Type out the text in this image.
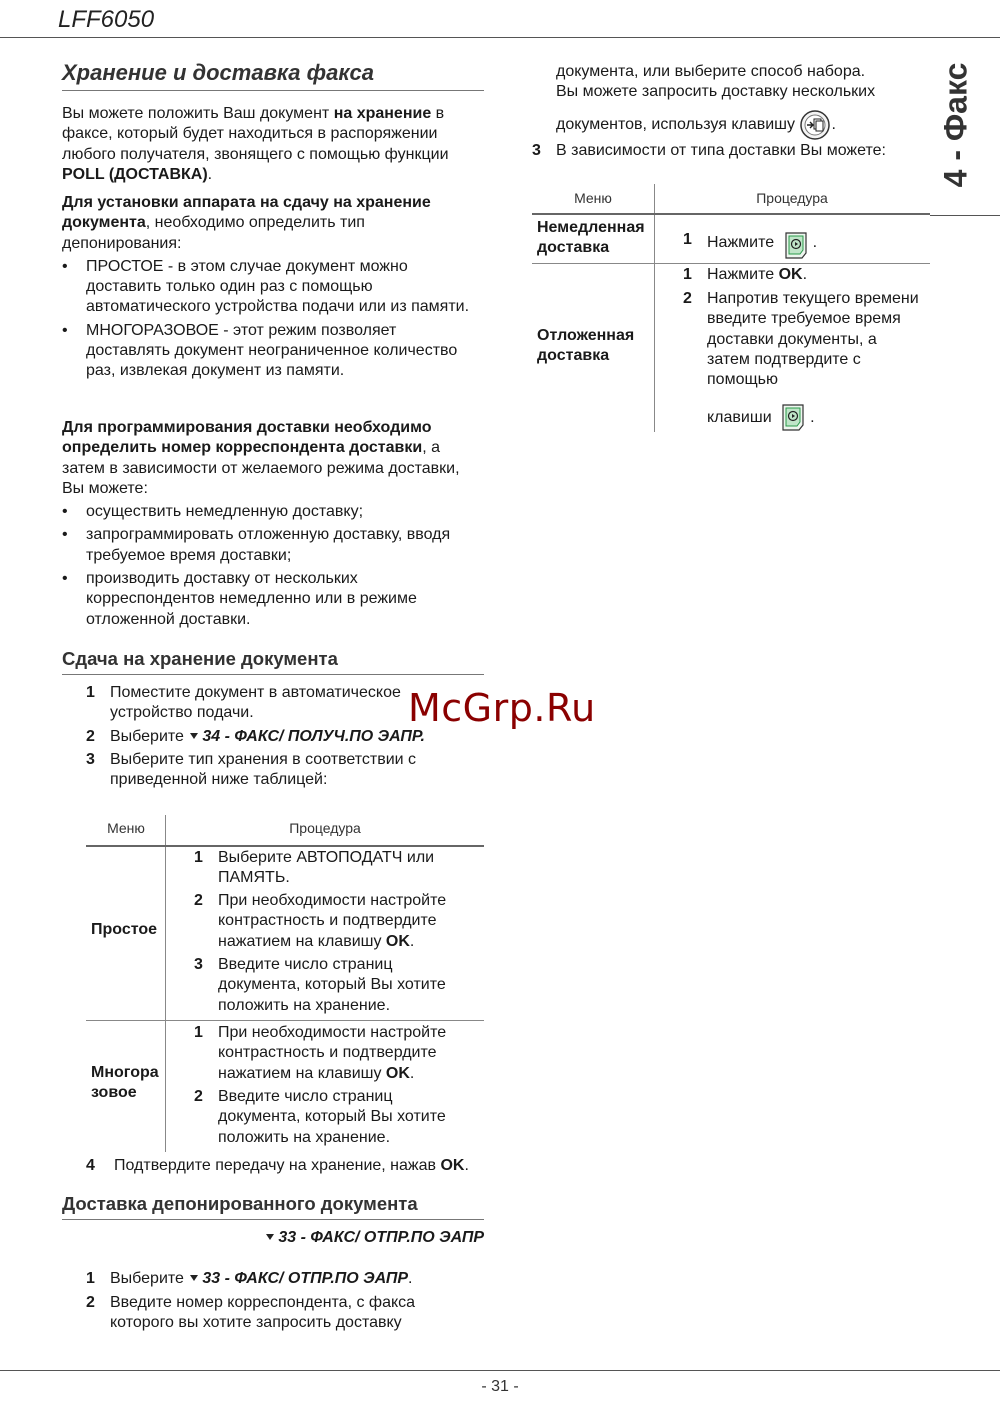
LFF6050
4 - Факс
Хранение и доставка факса
Вы можете положить Ваш документ на хранение в факсе, который будет находиться в распоряжении любого получателя, звонящего с помощью функции POLL (ДОСТАВКА).
Для установки аппарата на сдачу на хранение документа, необходимо определить тип депонирования:
• ПРОСТОЕ - в этом случае документ можно доставить только один раз с помощью автоматического устройства подачи или из памяти.
• МНОГОРАЗОВОЕ - этот режим позволяет доставлять документ неограниченное количество раз, извлекая документ из памяти.
Для программирования доставки необходимо определить номер корреспондента доставки, а затем в зависимости от желаемого режима доставки, Вы можете:
• осуществить немедленную доставку;
• запрограммировать отложенную доставку, вводя требуемое время доставки;
• производить доставку от нескольких корреспондентов немедленно или в режиме отложенной доставки.
Сдача на хранение документа
1 Поместите документ в автоматическое устройство подачи.
2 Выберите 34 - ФАКС/ ПОЛУЧ.ПО ЭАПР.
3 Выберите тип хранения в соответствии с приведенной ниже таблицей:
Меню	Процедура
Простое
1 Выберите АВТОПОДАТЧ или ПАМЯТЬ.
2 При необходимости настройте контрастность и подтвердите нажатием на клавишу OK.
3 Введите число страниц документа, который Вы хотите положить на хранение.
Многоразовое
1 При необходимости настройте контрастность и подтвердите нажатием на клавишу OK.
2 Введите число страниц документа, который Вы хотите положить на хранение.
4 Подтвердите передачу на хранение, нажав OK.
Доставка депонированного документа
33 - ФАКС/ ОТПР.ПО ЭАПР
1 Выберите 33 - ФАКС/ ОТПР.ПО ЭАПР.
2 Введите номер корреспондента, с факса которого вы хотите запросить доставку
документа, или выберите способ набора.
Вы можете запросить доставку нескольких
документов, используя клавишу .
3 В зависимости от типа доставки Вы можете:
Меню	Процедура
Немедленная доставка	1 Нажмите .
Отложенная доставка
1 Нажмите OK.
2 Напротив текущего времени введите требуемое время доставки документы, а затем подтвердите с помощью
клавиши .
McGrp.Ru
- 31 -
